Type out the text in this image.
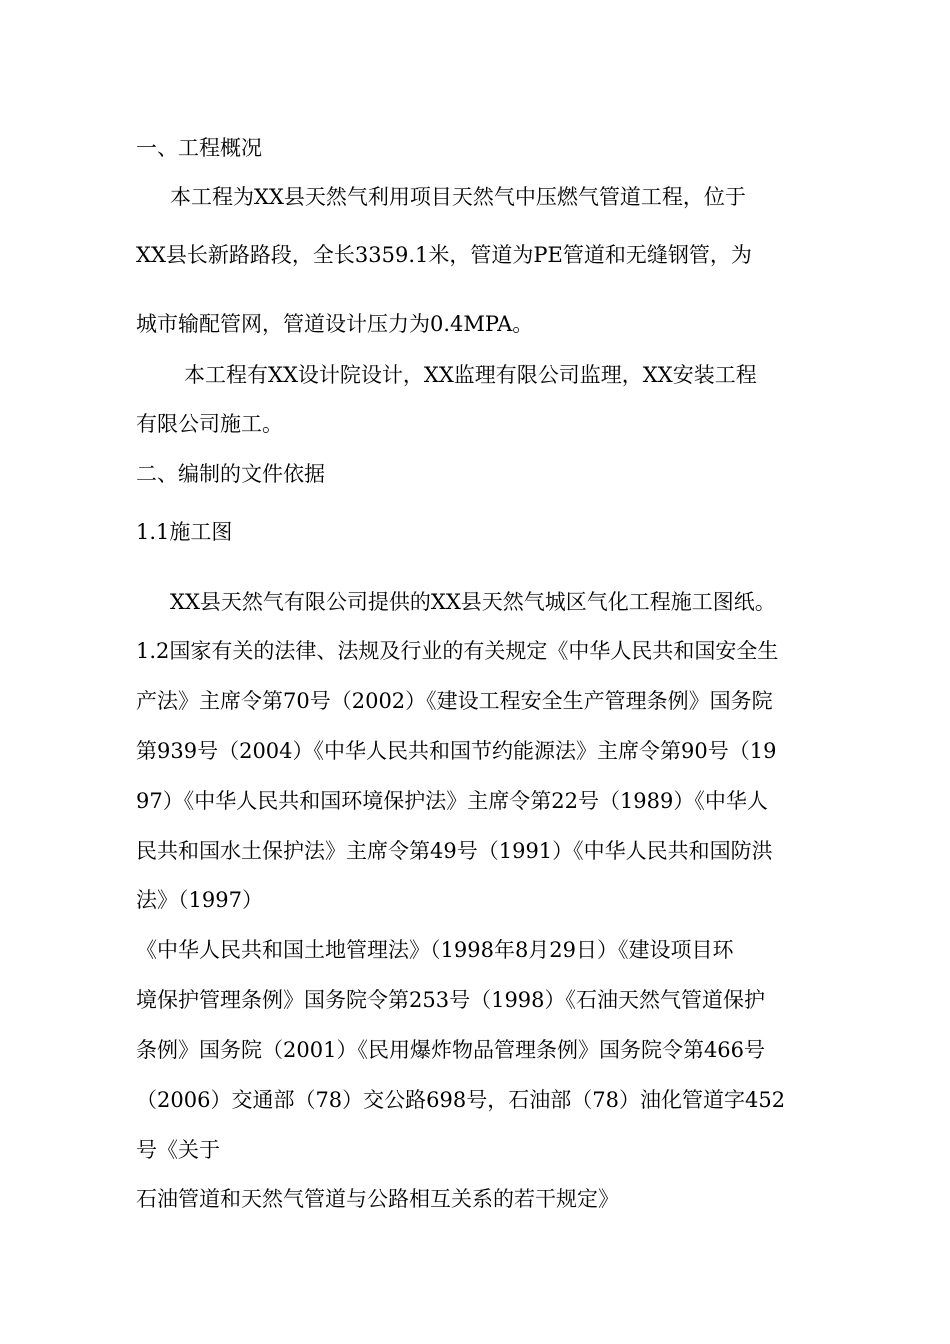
一、工程概况
本工程为XX县天然气利用项目天然气中压燃气管道工程，位于
XX县长新路路段，全长3359.1米，管道为PE管道和无缝钢管，为
城市输配管网，管道设计压力为0.4MPA。
本工程有XX设计院设计，XX监理有限公司监理，XX安装工程
有限公司施工。
二、编制的文件依据
1.1施工图
XX县天然气有限公司提供的XX县天然气城区气化工程施工图纸。
1.2国家有关的法律、法规及行业的有关规定《中华人民共和国安全生
产法》主席令第70号（2002）《建设工程安全生产管理条例》国务院
第939号（2004）《中华人民共和国节约能源法》主席令第90号（19
97）《中华人民共和国环境保护法》主席令第22号（1989）《中华人
民共和国水土保护法》主席令第49号（1991）《中华人民共和国防洪
法》（1997）
《中华人民共和国土地管理法》（1998年8月29日）《建设项目环
境保护管理条例》国务院令第253号（1998）《石油天然气管道保护
条例》国务院（2001）《民用爆炸物品管理条例》国务院令第466号
（2006）交通部（78）交公路698号，石油部（78）油化管道字452
号《关于
石油管道和天然气管道与公路相互关系的若干规定》
